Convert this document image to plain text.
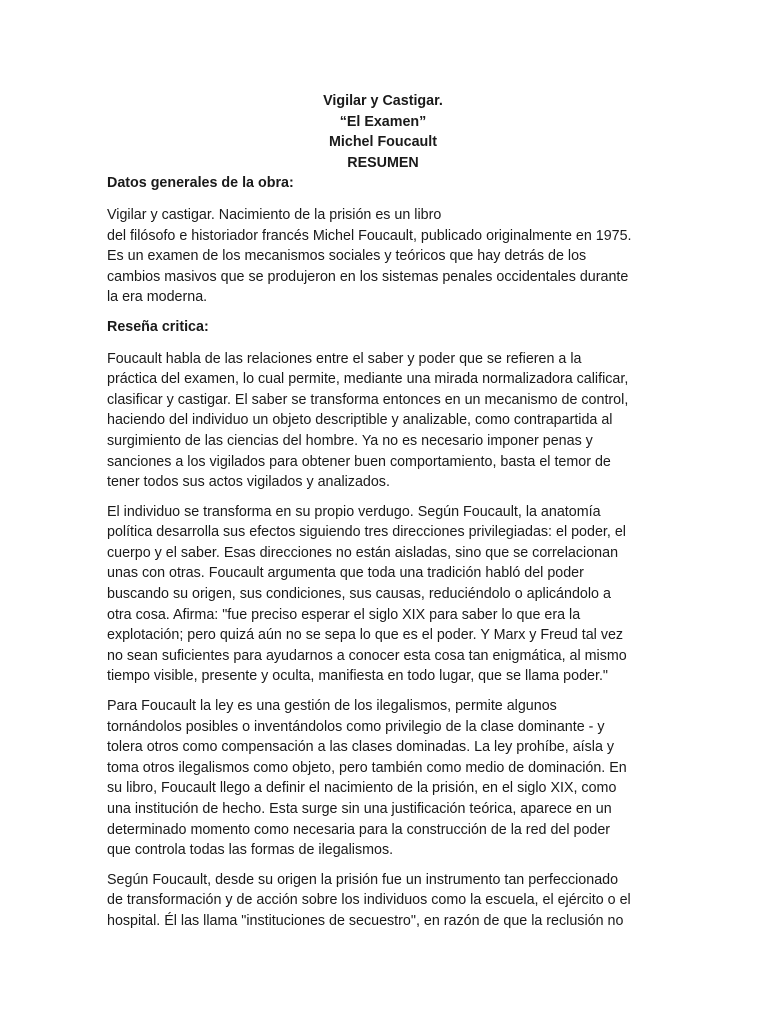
Vigilar y Castigar.
“El Examen”
Michel Foucault
RESUMEN
Datos generales de la obra:
Vigilar y castigar. Nacimiento de la prisión es un libro
del filósofo e historiador francés Michel Foucault, publicado originalmente en 1975.
Es un examen de los mecanismos sociales y teóricos que hay detrás de los
cambios masivos que se produjeron en los sistemas penales occidentales durante
la era moderna.
Reseña critica:
Foucault habla de las relaciones entre el saber y poder que se refieren a la
práctica del examen, lo cual permite, mediante una mirada normalizadora calificar,
clasificar y castigar. El saber se transforma entonces en un mecanismo de control,
haciendo del individuo un objeto descriptible y analizable, como contrapartida al
surgimiento de las ciencias del hombre. Ya no es necesario imponer penas y
sanciones a los vigilados para obtener buen comportamiento, basta el temor de
tener todos sus actos vigilados y analizados.
El individuo se transforma en su propio verdugo. Según Foucault, la anatomía
política desarrolla sus efectos siguiendo tres direcciones privilegiadas: el poder, el
cuerpo y el saber. Esas direcciones no están aisladas, sino que se correlacionan
unas con otras. Foucault argumenta que toda una tradición habló del poder
buscando su origen, sus condiciones, sus causas, reduciéndolo o aplicándolo a
otra cosa. Afirma: "fue preciso esperar el siglo XIX para saber lo que era la
explotación; pero quizá aún no se sepa lo que es el poder. Y Marx y Freud tal vez
no sean suficientes para ayudarnos a conocer esta cosa tan enigmática, al mismo
tiempo visible, presente y oculta, manifiesta en todo lugar, que se llama poder."
Para Foucault la ley es una gestión de los ilegalismos, permite algunos
tornándolos posibles o inventándolos como privilegio de la clase dominante - y
tolera otros como compensación a las clases dominadas. La ley prohíbe, aísla y
toma otros ilegalismos como objeto, pero también como medio de dominación. En
su libro, Foucault llego a definir el nacimiento de la prisión, en el siglo XIX, como
una institución de hecho. Esta surge sin una justificación teórica, aparece en un
determinado momento como necesaria para la construcción de la red del poder
que controla todas las formas de ilegalismos.
Según Foucault, desde su origen la prisión fue un instrumento tan perfeccionado
de transformación y de acción sobre los individuos como la escuela, el ejército o el
hospital. Él las llama "instituciones de secuestro", en razón de que la reclusión no
